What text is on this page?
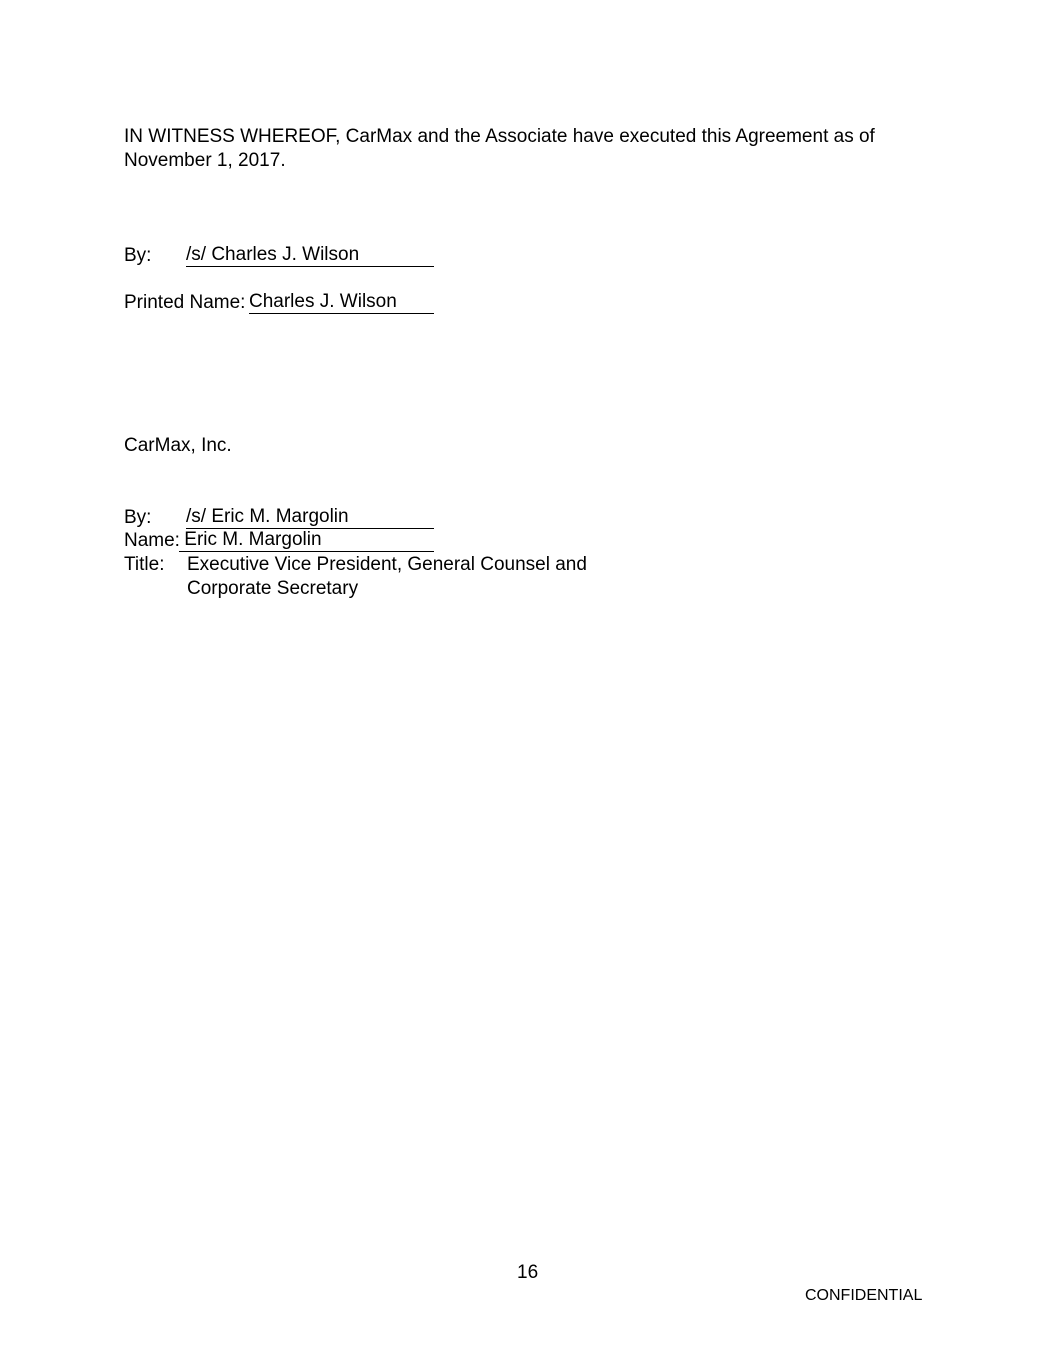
IN WITNESS WHEREOF, CarMax and the Associate have executed this Agreement as of
November 1, 2017.
By: /s/ Charles J. Wilson
Printed Name: Charles J. Wilson
CarMax, Inc.
By: /s/ Eric M. Margolin
Name: Eric M. Margolin
Title: Executive Vice President, General Counsel and
Corporate Secretary
16
CONFIDENTIAL
